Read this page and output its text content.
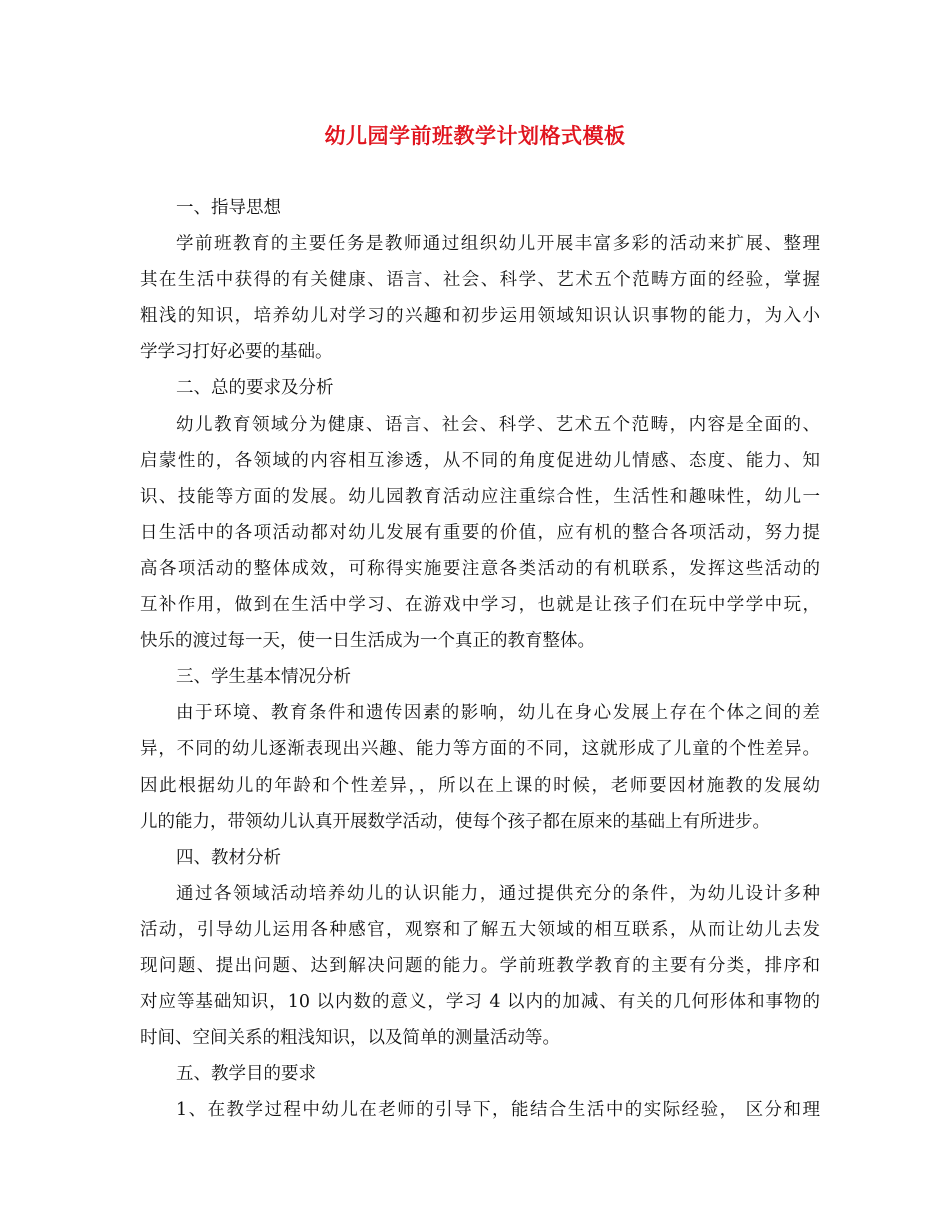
幼儿园学前班教学计划格式模板
一、指导思想
学前班教育的主要任务是教师通过组织幼儿开展丰富多彩的活动来扩展、整理
其在生活中获得的有关健康、语言、社会、科学、艺术五个范畴方面的经验，掌握
粗浅的知识，培养幼儿对学习的兴趣和初步运用领域知识认识事物的能力，为入小
学学习打好必要的基础。
二、总的要求及分析
幼儿教育领域分为健康、语言、社会、科学、艺术五个范畴，内容是全面的、
启蒙性的，各领域的内容相互渗透，从不同的角度促进幼儿情感、态度、能力、知
识、技能等方面的发展。幼儿园教育活动应注重综合性，生活性和趣味性，幼儿一
日生活中的各项活动都对幼儿发展有重要的价值，应有机的整合各项活动，努力提
高各项活动的整体成效，可称得实施要注意各类活动的有机联系，发挥这些活动的
互补作用，做到在生活中学习、在游戏中学习，也就是让孩子们在玩中学学中玩，
快乐的渡过每一天，使一日生活成为一个真正的教育整体。
三、学生基本情况分析
由于环境、教育条件和遗传因素的影响，幼儿在身心发展上存在个体之间的差
异，不同的幼儿逐渐表现出兴趣、能力等方面的不同，这就形成了儿童的个性差异。
因此根据幼儿的年龄和个性差异，，所以在上课的时候，老师要因材施教的发展幼
儿的能力，带领幼儿认真开展数学活动，使每个孩子都在原来的基础上有所进步。
四、教材分析
通过各领域活动培养幼儿的认识能力，通过提供充分的条件，为幼儿设计多种
活动，引导幼儿运用各种感官，观察和了解五大领域的相互联系，从而让幼儿去发
现问题、提出问题、达到解决问题的能力。学前班教学教育的主要有分类，排序和
对应等基础知识，10 以内数的意义，学习 4 以内的加减、有关的几何形体和事物的
时间、空间关系的粗浅知识，以及简单的测量活动等。
五、教学目的要求
1、在教学过程中幼儿在老师的引导下，能结合生活中的实际经验， 区分和理
